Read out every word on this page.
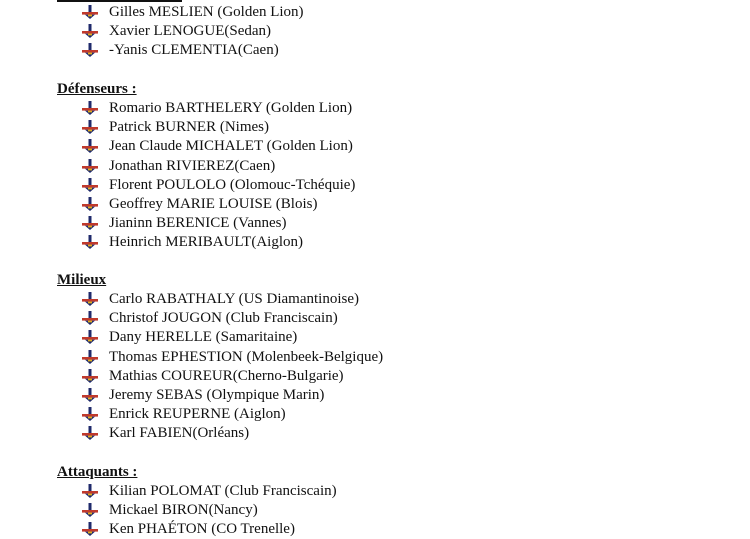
Gilles MESLIEN (Golden Lion)
Xavier LENOGUE(Sedan)
-Yanis CLEMENTIA(Caen)
Défenseurs :
Romario BARTHELERY (Golden Lion)
Patrick BURNER (Nimes)
Jean Claude MICHALET (Golden Lion)
Jonathan RIVIEREZ(Caen)
Florent POULOLO (Olomouc-Tchéquie)
Geoffrey MARIE LOUISE (Blois)
Jianinn BERENICE (Vannes)
Heinrich MERIBAULT(Aiglon)
Milieux
Carlo RABATHALY (US Diamantinoise)
Christof JOUGON (Club Franciscain)
Dany HERELLE (Samaritaine)
Thomas EPHESTION (Molenbeek-Belgique)
Mathias COUREUR(Cherno-Bulgarie)
Jeremy SEBAS (Olympique Marin)
Enrick REUPERNE (Aiglon)
Karl FABIEN(Orléans)
Attaquants :
Kilian POLOMAT (Club Franciscain)
Mickael BIRON(Nancy)
Ken PHAÉTON (CO Trenelle)
